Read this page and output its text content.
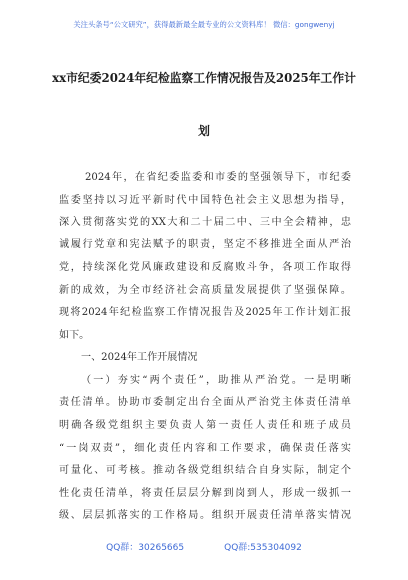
关注头条号“公文研究”，获得最新最全最专业的公文资料库！ 微信：gongwenyj
xx市纪委2024年纪检监察工作情况报告及2025年工作计
划
2024年，在省纪委监委和市委的坚强领导下，市纪委
监委坚持以习近平新时代中国特色社会主义思想为指导，
深入贯彻落实党的XX大和二十届二中、三中全会精神，忠
诚履行党章和宪法赋予的职责，坚定不移推进全面从严治
党，持续深化党风廉政建设和反腐败斗争，各项工作取得
新的成效，为全市经济社会高质量发展提供了坚强保障。
现将2024年纪检监察工作情况报告及2025年工作计划汇报
如下。
一、2024年工作开展情况
（一）夯实“两个责任”，助推从严治党。一是明晰
责任清单。协助市委制定出台全面从严治党主体责任清单
明确各级党组织主要负责人第一责任人责任和班子成员
“一岗双责”，细化责任内容和工作要求，确保责任落实
可量化、可考核。推动各级党组织结合自身实际，制定个
性化责任清单，将责任层层分解到岗到人，形成一级抓一
级、层层抓落实的工作格局。组织开展责任清单落实情况
QQ群：30265665	QQ群:535304092
